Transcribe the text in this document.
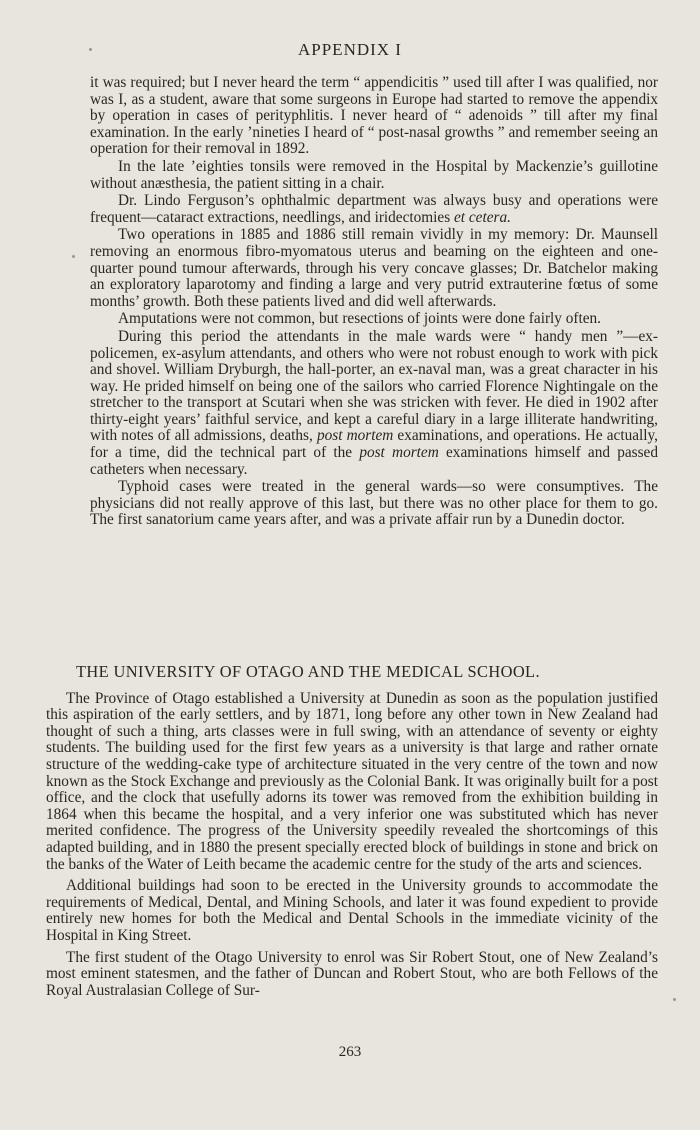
APPENDIX I

it was required; but I never heard the term “ appendicitis ” used till after I was qualified, nor was I, as a student, aware that some surgeons in Europe had started to remove the appendix by operation in cases of perityphlitis. I never heard of “ adenoids ” till after my final examination. In the early ’nineties I heard of “ post-nasal growths ” and remember seeing an operation for their removal in 1892.

In the late ’eighties tonsils were removed in the Hospital by Mackenzie’s guillotine without anæsthesia, the patient sitting in a chair.

Dr. Lindo Ferguson’s ophthalmic department was always busy and operations were frequent—cataract extractions, needlings, and iridectomies et cetera.

Two operations in 1885 and 1886 still remain vividly in my memory: Dr. Maunsell removing an enormous fibro-myomatous uterus and beaming on the eighteen and one-quarter pound tumour afterwards, through his very concave glasses; Dr. Batchelor making an exploratory laparotomy and finding a large and very putrid extrauterine fœtus of some months’ growth. Both these patients lived and did well afterwards.

Amputations were not common, but resections of joints were done fairly often.

During this period the attendants in the male wards were “ handy men ”—ex-policemen, ex-asylum attendants, and others who were not robust enough to work with pick and shovel. William Dryburgh, the hall-porter, an ex-naval man, was a great character in his way. He prided himself on being one of the sailors who carried Florence Nightingale on the stretcher to the transport at Scutari when she was stricken with fever. He died in 1902 after thirty-eight years’ faithful service, and kept a careful diary in a large illiterate handwriting, with notes of all admissions, deaths, post mortem examinations, and operations. He actually, for a time, did the technical part of the post mortem examinations himself and passed catheters when necessary.

Typhoid cases were treated in the general wards—so were consumptives. The physicians did not really approve of this last, but there was no other place for them to go. The first sanatorium came years after, and was a private affair run by a Dunedin doctor.

THE UNIVERSITY OF OTAGO AND THE MEDICAL SCHOOL.

The Province of Otago established a University at Dunedin as soon as the population justified this aspiration of the early settlers, and by 1871, long before any other town in New Zealand had thought of such a thing, arts classes were in full swing, with an attendance of seventy or eighty students. The building used for the first few years as a university is that large and rather ornate structure of the wedding-cake type of architecture situated in the very centre of the town and now known as the Stock Exchange and previously as the Colonial Bank. It was originally built for a post office, and the clock that usefully adorns its tower was removed from the exhibition building in 1864 when this became the hospital, and a very inferior one was substituted which has never merited confidence. The progress of the University speedily revealed the shortcomings of this adapted building, and in 1880 the present specially erected block of buildings in stone and brick on the banks of the Water of Leith became the academic centre for the study of the arts and sciences.

Additional buildings had soon to be erected in the University grounds to accommodate the requirements of Medical, Dental, and Mining Schools, and later it was found expedient to provide entirely new homes for both the Medical and Dental Schools in the immediate vicinity of the Hospital in King Street.

The first student of the Otago University to enrol was Sir Robert Stout, one of New Zealand’s most eminent statesmen, and the father of Duncan and Robert Stout, who are both Fellows of the Royal Australasian College of Sur-

263
